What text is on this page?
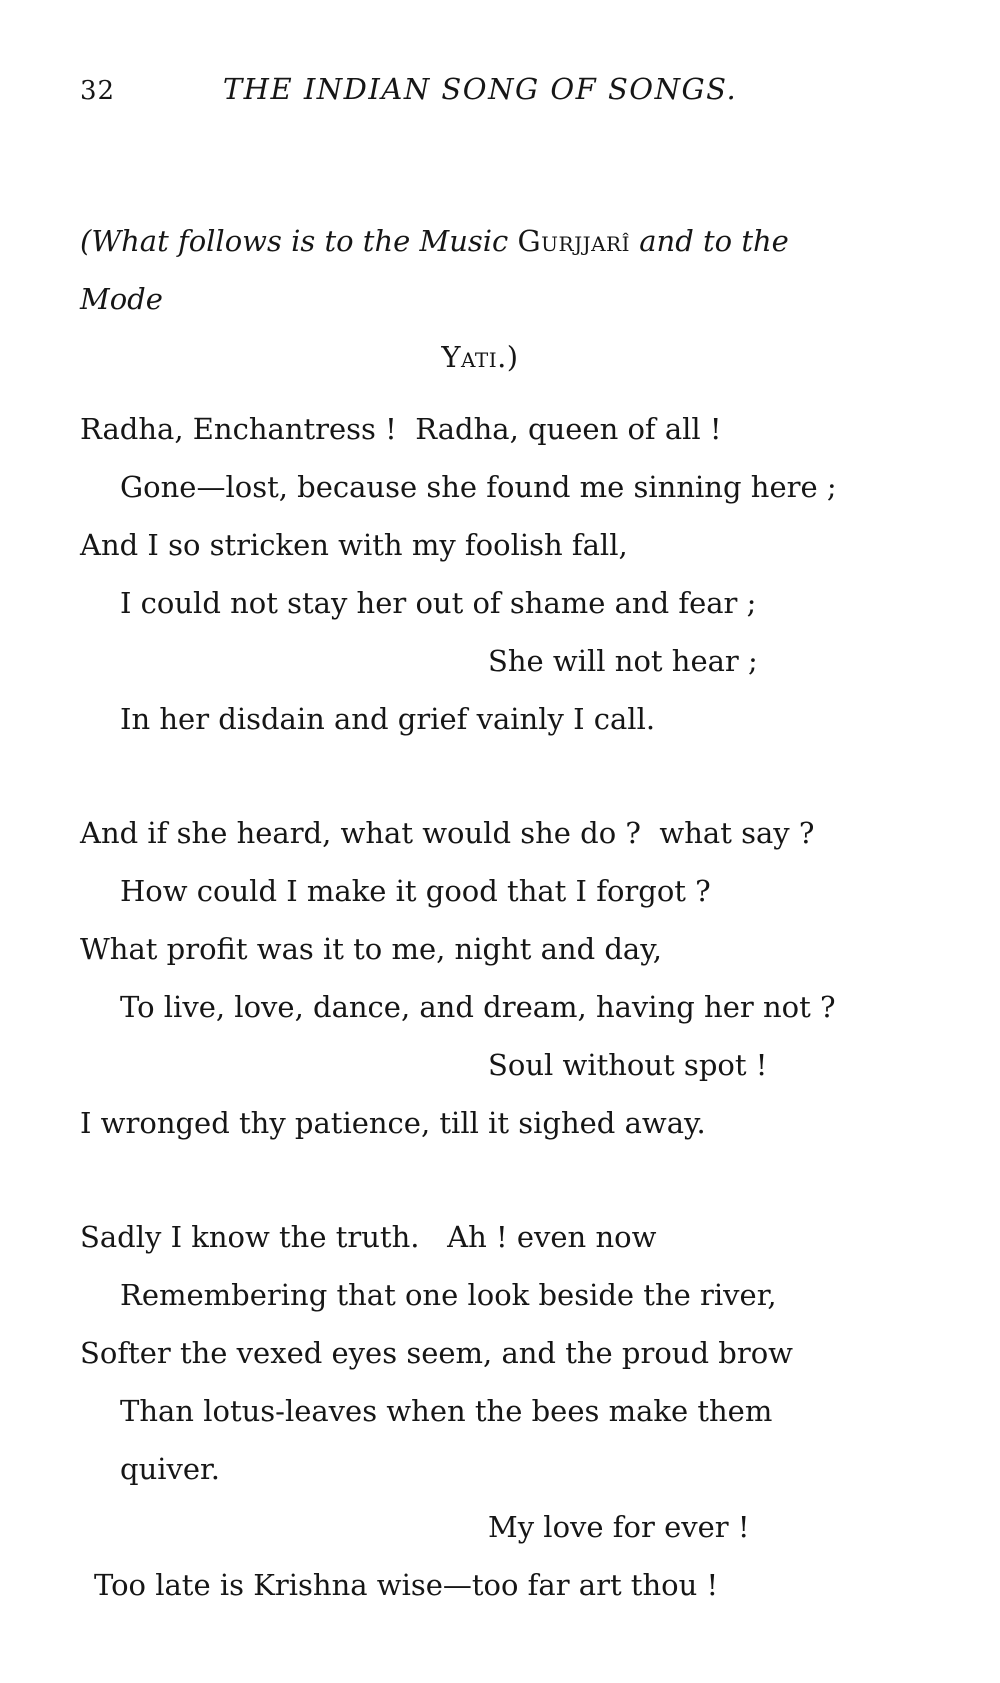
32	THE INDIAN SONG OF SONGS.
(What follows is to the Music Gurjjarî and to the Mode
Yati.)
Radha, Enchantress !  Radha, queen of all !
Gone—lost, because she found me sinning here ;
And I so stricken with my foolish fall,
I could not stay her out of shame and fear ;
She will not hear ;
In her disdain and grief vainly I call.
And if she heard, what would she do ?  what say ?
How could I make it good that I forgot ?
What profit was it to me, night and day,
To live, love, dance, and dream, having her not ?
Soul without spot !
I wronged thy patience, till it sighed away.
Sadly I know the truth.   Ah ! even now
Remembering that one look beside the river,
Softer the vexed eyes seem, and the proud brow
Than lotus-leaves when the bees make them quiver.
My love for ever !
Too late is Krishna wise—too far art thou !
